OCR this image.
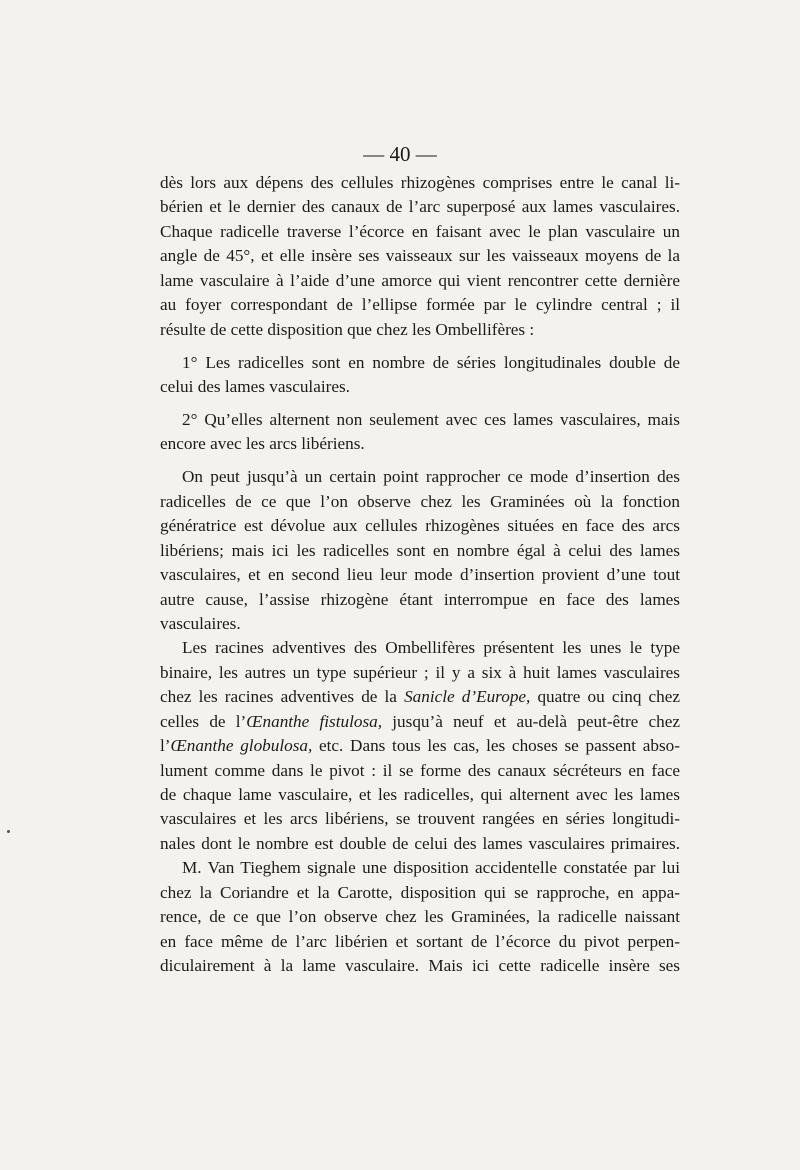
— 40 —
dès lors aux dépens des cellules rhizogènes comprises entre le canal li-
bérien et le dernier des canaux de l’arc superposé aux lames vasculaires.
Chaque radicelle traverse l’écorce en faisant avec le plan vasculaire un
angle de 45°, et elle insère ses vaisseaux sur les vaisseaux moyens de la
lame vasculaire à l’aide d’une amorce qui vient rencontrer cette dernière
au foyer correspondant de l’ellipse formée par le cylindre central ; il
résulte de cette disposition que chez les Ombellifères :
1° Les radicelles sont en nombre de séries longitudinales double de
celui des lames vasculaires.
2° Qu’elles alternent non seulement avec ces lames vasculaires, mais
encore avec les arcs libériens.
On peut jusqu’à un certain point rapprocher ce mode d’insertion des
radicelles de ce que l’on observe chez les Graminées où la fonction
génératrice est dévolue aux cellules rhizogènes situées en face des arcs
libériens; mais ici les radicelles sont en nombre égal à celui des lames
vasculaires, et en second lieu leur mode d’insertion provient d’une tout
autre cause, l’assise rhizogène étant interrompue en face des lames
vasculaires.
Les racines adventives des Ombellifères présentent les unes le type
binaire, les autres un type supérieur ; il y a six à huit lames vasculaires
chez les racines adventives de la Sanicle d’Europe, quatre ou cinq chez
celles de l’Œnanthe fistulosa, jusqu’à neuf et au-delà peut-être chez
l’Œnanthe globulosa, etc. Dans tous les cas, les choses se passent abso-
lument comme dans le pivot : il se forme des canaux sécréteurs en face
de chaque lame vasculaire, et les radicelles, qui alternent avec les lames
vasculaires et les arcs libériens, se trouvent rangées en séries longitudi-
nales dont le nombre est double de celui des lames vasculaires primaires.
M. Van Tieghem signale une disposition accidentelle constatée par lui
chez la Coriandre et la Carotte, disposition qui se rapproche, en appa-
rence, de ce que l’on observe chez les Graminées, la radicelle naissant
en face même de l’arc libérien et sortant de l’écorce du pivot perpen-
diculairement à la lame vasculaire. Mais ici cette radicelle insère ses
